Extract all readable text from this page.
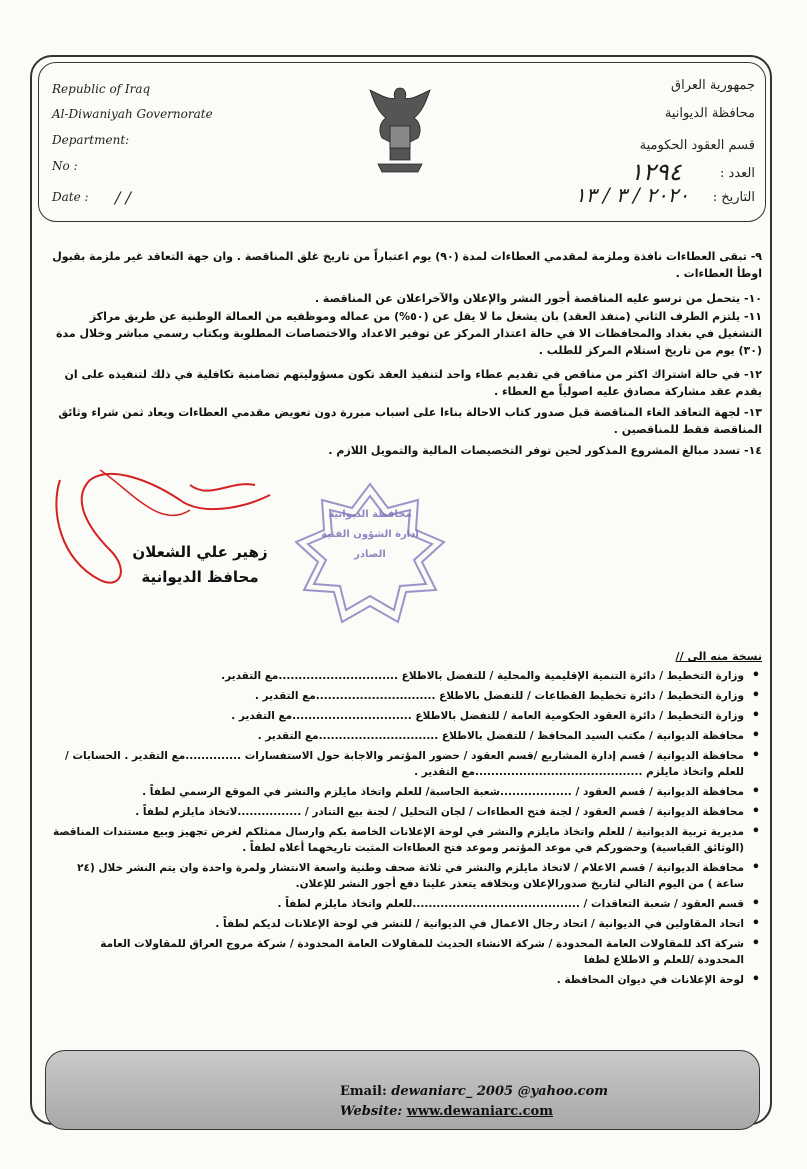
Republic of Iraq
Al-Diwaniyah Governorate
Department:
No :
Date : / /
جمهورية العراق
محافظة الديوانية
قسم العقود الحكومية
العدد :
١٢٩٤
التاريخ :
٢٠٢٠ / ٣ / ١٣
٩- تبقى العطاءات نافذة وملزمة لمقدمي العطاءات لمدة (٩٠) يوم اعتباراً من تاريخ غلق المناقصة . وان جهة التعاقد غير ملزمة بقبول اوطأ العطاءات .
١٠- يتحمل من ترسو عليه المناقصة أجور النشر والإعلان والآخراعلان عن المناقصة .
١١- يلتزم الطرف الثاني (منفذ العقد) بان يشغل ما لا يقل عن (٥٠%) من عماله وموظفيه من العمالة الوطنية عن طريق مراكز التشغيل في بغداد والمحافظات الا في حالة اعتذار المركز عن توفير الاعداد والاختصاصات المطلوبة وبكتاب رسمي مباشر وخلال مدة (٣٠) يوم من تاريخ استلام المركز للطلب .
١٢- في حالة اشتراك اكثر من مناقص في تقديم عطاء واحد لتنفيذ العقد تكون مسؤوليتهم تضامنية تكافلية في ذلك لتنفيذه على ان يقدم عقد مشاركة مصادق عليه اصولياً مع العطاء .
١٣- لجهة التعاقد الغاء المناقصة قبل صدور كتاب الاحالة بناءا على اسباب مبررة دون تعويض مقدمي العطاءات ويعاد ثمن شراء وثائق المناقصة فقط للمناقصين .
١٤- تسدد مبالغ المشروع المذكور لحين توفر التخصيصات المالية والتمويل اللازم .
محافظة الديوانية
ادارة الشؤون الفنية
الصادر
زهير علي الشعلان
محافظ الديوانية
نسخة منه الى //
• وزارة التخطيط / دائرة التنمية الإقليمية والمحلية / للتفضل بالاطلاع ..............................مع التقدير.
• وزارة التخطيط / دائرة تخطيط القطاعات / للتفضل بالاطلاع ..............................مع التقدير .
• وزارة التخطيط / دائرة العقود الحكومية العامة / للتفضل بالاطلاع ..............................مع التقدير .
• محافظة الديوانية / مكتب السيد المحافظ / للتفضل بالاطلاع ..............................مع التقدير .
• محافظة الديوانية / قسم إدارة المشاريع /قسم العقود / حضور المؤتمر والاجابة حول الاستفسارات ..............مع التقدير . الحسابات / للعلم واتخاذ مايلزم ..........................................مع التقدير .
• محافظة الديوانية / قسم العقود / ..................شعبة الحاسبة/ للعلم واتخاذ مايلزم والنشر في الموقع الرسمي لطفاً .
• محافظة الديوانية / قسم العقود / لجنة فتح العطاءات / لجان التحليل / لجنة بيع التنادر / ................لاتخاذ مايلزم لطفاً .
• مديرية تربية الديوانية / للعلم واتخاذ مايلزم والنشر في لوحة الإعلانات الخاصة بكم وارسال ممثلكم لغرض تجهيز وبيع مستندات المناقصة (الوثائق القياسية) وحضوركم في موعد المؤتمر وموعد فتح العطاءات المثبت تاريخهما أعلاه لطفاً .
• محافظة الديوانية / قسم الاعلام / لاتخاذ مايلزم والنشر في ثلاثة صحف وطنية واسعة الانتشار ولمرة واحدة وان يتم النشر خلال (٢٤ ساعة ) من اليوم التالي لتاريخ صدورالإعلان وبخلافه يتعذر علينا دفع أجور النشر للإعلان.
• قسم العقود / شعبة التعاقدات / ..........................................للعلم واتخاذ مايلزم لطفاً .
• اتحاد المقاولين في الديوانية / اتحاد رجال الاعمال في الديوانية / للنشر في لوحة الإعلانات لديكم لطفاً .
• شركة اكد للمقاولات العامة المحدودة / شركة الانشاء الحديث للمقاولات العامة المحدودة / شركة مروج العراق للمقاولات العامة المحدودة /للعلم و الاطلاع لطفا
• لوحة الإعلانات في ديوان المحافظة .
Email: dewaniarc_ 2005 @yahoo.com
Website: www.dewaniarc.com
